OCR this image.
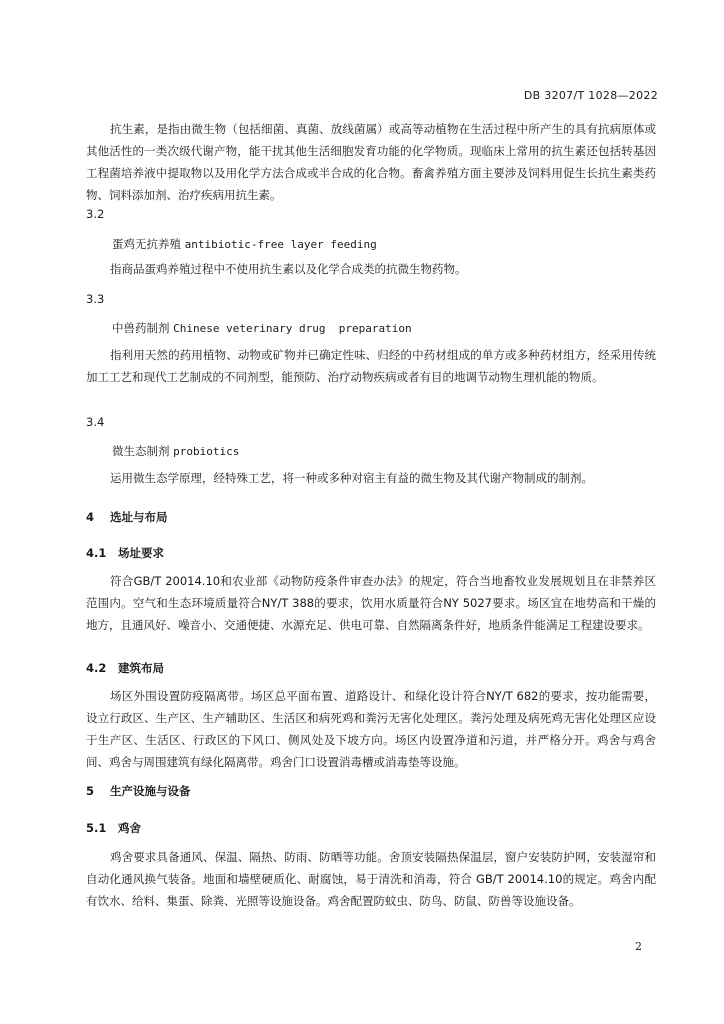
DB 3207/T 1028—2022

抗生素，是指由微生物（包括细菌、真菌、放线菌属）或高等动植物在生活过程中所产生的具有抗病原体或其他活性的一类次级代谢产物，能干扰其他生活细胞发育功能的化学物质。现临床上常用的抗生素还包括转基因工程菌培养液中提取物以及用化学方法合成或半合成的化合物。畜禽养殖方面主要涉及饲料用促生长抗生素类药物、饲料添加剂、治疗疾病用抗生素。

3.2
蛋鸡无抗养殖 antibiotic-free layer feeding

指商品蛋鸡养殖过程中不使用抗生素以及化学合成类的抗微生物药物。

3.3
中兽药制剂 Chinese veterinary drug  preparation

指利用天然的药用植物、动物或矿物并已确定性味、归经的中药材组成的单方或多种药材组方，经采用传统加工工艺和现代工艺制成的不同剂型，能预防、治疗动物疾病或者有目的地调节动物生理机能的物质。

3.4
微生态制剂 probiotics

运用微生态学原理，经特殊工艺，将一种或多种对宿主有益的微生物及其代谢产物制成的制剂。

4 选址与布局
4.1 场址要求

符合GB/T 20014.10和农业部《动物防疫条件审查办法》的规定，符合当地畜牧业发展规划且在非禁养区范围内。空气和生态环境质量符合NY/T 388的要求，饮用水质量符合NY 5027要求。场区宜在地势高和干燥的地方，且通风好、噪音小、交通便捷、水源充足、供电可靠、自然隔离条件好，地质条件能满足工程建设要求。

4.2 建筑布局

场区外围设置防疫隔离带。场区总平面布置、道路设计、和绿化设计符合NY/T 682的要求，按功能需要，设立行政区、生产区、生产辅助区、生活区和病死鸡和粪污无害化处理区。粪污处理及病死鸡无害化处理区应设于生产区、生活区、行政区的下风口、侧风处及下坡方向。场区内设置净道和污道，并严格分开。鸡舍与鸡舍间、鸡舍与周围建筑有绿化隔离带。鸡舍门口设置消毒槽或消毒垫等设施。

5 生产设施与设备
5.1 鸡舍

鸡舍要求具备通风、保温、隔热、防雨、防晒等功能。舍顶安装隔热保温层，窗户安装防护网，安装湿帘和自动化通风换气装备。地面和墙壁硬质化、耐腐蚀，易于清洗和消毒，符合 GB/T 20014.10的规定。鸡舍内配有饮水、给料、集蛋、除粪、光照等设施设备。鸡舍配置防蚊虫、防鸟、防鼠、防兽等设施设备。

2
